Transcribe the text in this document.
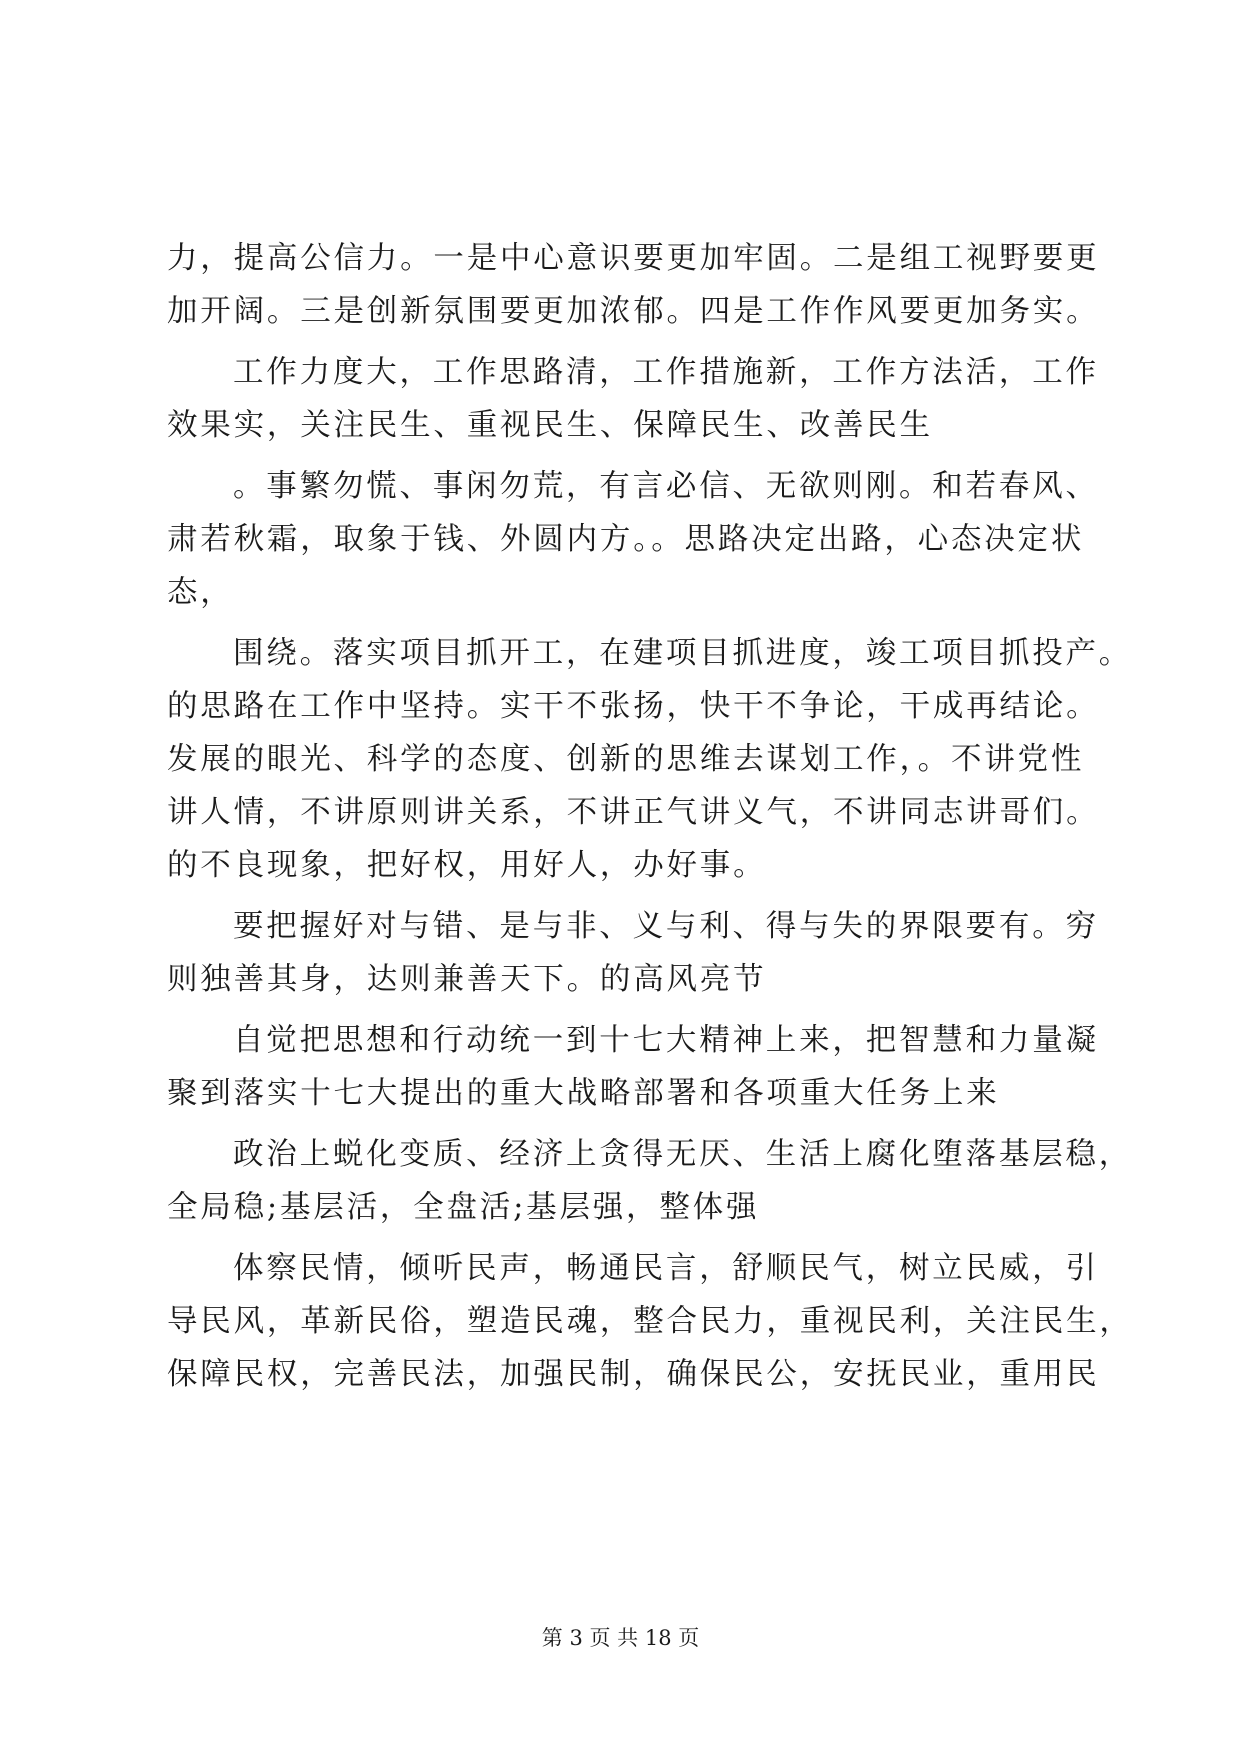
力，提高公信力。一是中心意识要更加牢固。二是组工视野要更
加开阔。三是创新氛围要更加浓郁。四是工作作风要更加务实。
工作力度大，工作思路清，工作措施新，工作方法活，工作
效果实，关注民生、重视民生、保障民生、改善民生
。事繁勿慌、事闲勿荒，有言必信、无欲则刚。和若春风、
肃若秋霜，取象于钱、外圆内方。。思路决定出路，心态决定状
态，
围绕。落实项目抓开工，在建项目抓进度，竣工项目抓投产。
的思路在工作中坚持。实干不张扬，快干不争论，干成再结论。
发展的眼光、科学的态度、创新的思维去谋划工作，。不讲党性
讲人情，不讲原则讲关系，不讲正气讲义气，不讲同志讲哥们。
的不良现象，把好权，用好人，办好事。
要把握好对与错、是与非、义与利、得与失的界限要有。穷
则独善其身，达则兼善天下。的高风亮节
自觉把思想和行动统一到十七大精神上来，把智慧和力量凝
聚到落实十七大提出的重大战略部署和各项重大任务上来
政治上蜕化变质、经济上贪得无厌、生活上腐化堕落基层稳，
全局稳;基层活，全盘活;基层强，整体强
体察民情，倾听民声，畅通民言，舒顺民气，树立民威，引
导民风，革新民俗，塑造民魂，整合民力，重视民利，关注民生，
保障民权，完善民法，加强民制，确保民公，安抚民业，重用民
第 3 页 共 18 页
